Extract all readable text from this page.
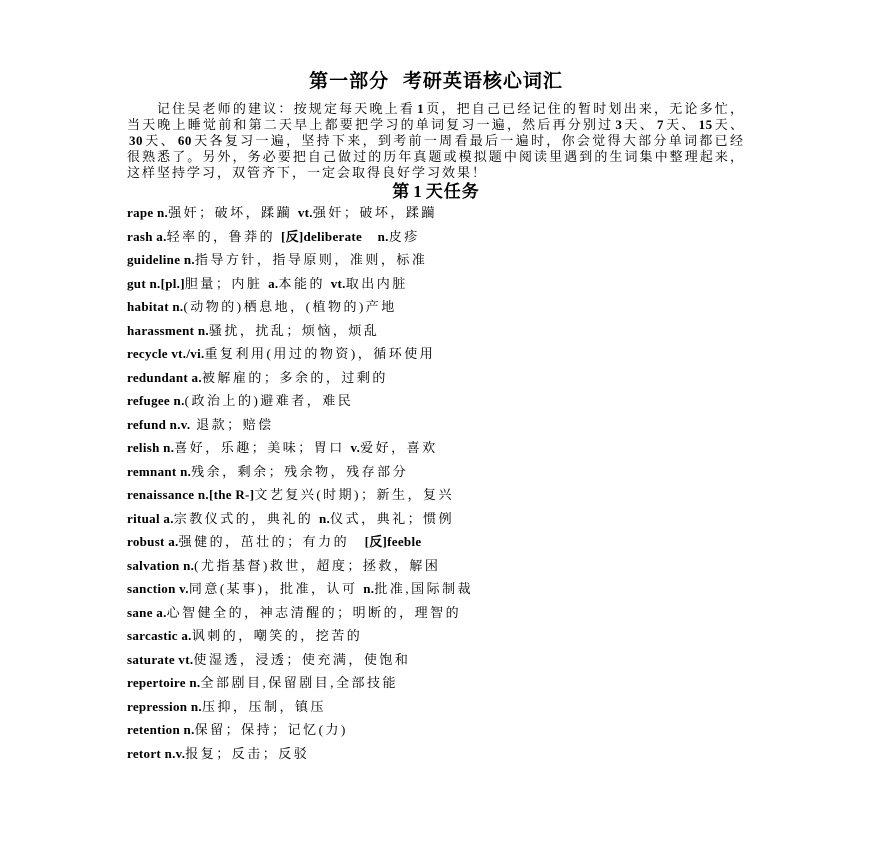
第一部分 考研英语核心词汇

记住吴老师的建议：按规定每天晚上看 1 页，把自己已经记住的暂时划出来，无论多忙，当天晚上睡觉前和第二天早上都要把学习的单词复习一遍，然后再分别过 3 天、 7 天、 15 天、30 天、 60 天各复习一遍，坚持下来，到考前一周看最后一遍时，你会觉得大部分单词都已经很熟悉了。另外，务必要把自己做过的历年真题或模拟题中阅读里遇到的生词集中整理起来，这样坚持学习，双管齐下，一定会取得良好学习效果！

第 1 天任务
rape n.强奸；破坏，蹂躏 vt.强奸；破坏，蹂躏
rash a.轻率的，鲁莽的 [反]deliberate　 n.皮疹
guideline n.指导方针，指导原则，准则，标准
gut n.[pl.]胆量；内脏 a.本能的 vt.取出内脏
habitat n.(动物的)栖息地，(植物的)产地
harassment n.骚扰，扰乱；烦恼，烦乱
recycle vt./vi.重复利用(用过的物资)，循环使用
redundant a.被解雇的；多余的，过剩的
refugee n.(政治上的)避难者，难民
refund n.v. 退款；赔偿
relish n.喜好，乐趣；美味；胃口 v.爱好，喜欢
remnant n.残余，剩余；残余物，残存部分
renaissance n.[the R-]文艺复兴(时期)；新生，复兴
ritual a.宗教仪式的，典礼的 n.仪式，典礼；惯例
robust a.强健的，茁壮的；有力的　[反]feeble
salvation n.(尤指基督)救世，超度；拯救，解困
sanction v.同意(某事)，批准，认可 n.批准,国际制裁
sane a.心智健全的，神志清醒的；明断的，理智的
sarcastic a.讽刺的，嘲笑的，挖苦的
saturate vt.使湿透，浸透；使充满，使饱和
repertoire n.全部剧目,保留剧目,全部技能
repression n.压抑，压制，镇压
retention n.保留；保持；记忆(力)
retort n.v.报复；反击；反驳
